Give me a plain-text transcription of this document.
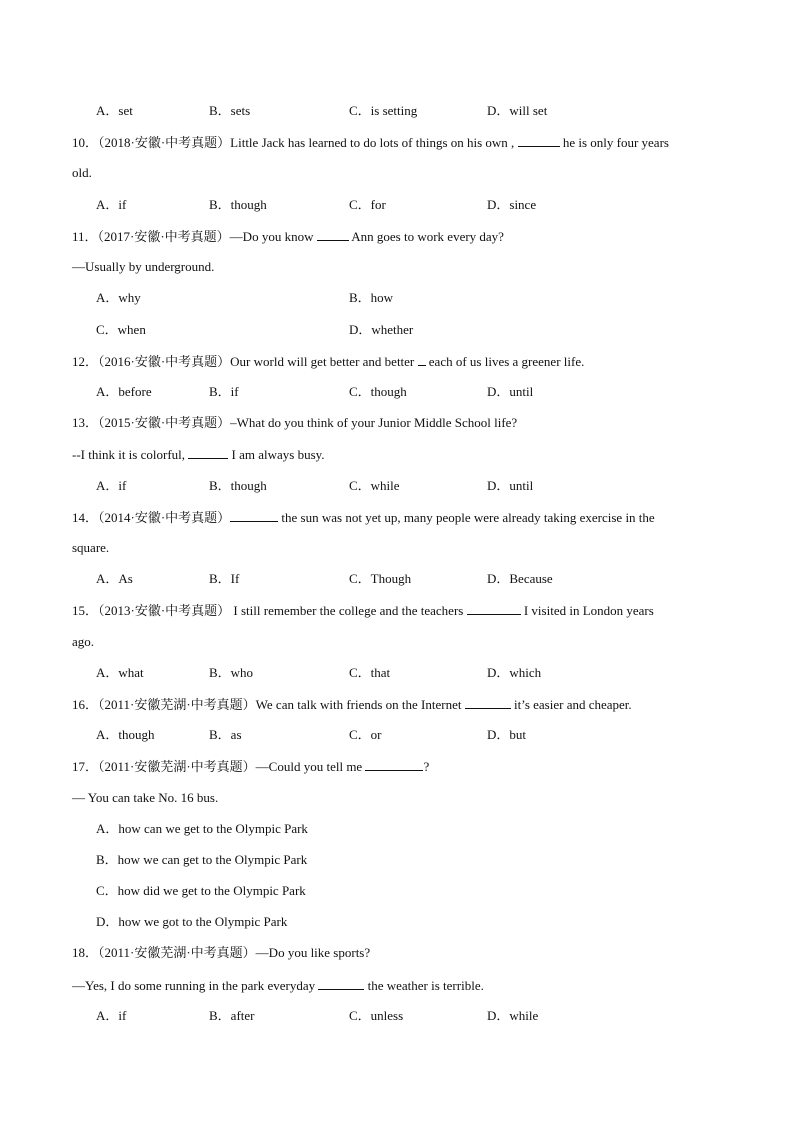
A．set	B．sets	C．is setting	D．will set
10．（2018·安徽·中考真题）Little Jack has learned to do lots of things on his own ,	he is only four years
old.
A．if	B．though	C．for	D．since
11．（2017·安徽·中考真题）—Do you know	Ann goes to work every day?
—Usually by underground.
A．why	B．how
C．when	D．whether
12．（2016·安徽·中考真题）Our world will get better and better each of us lives a greener life.
A．before	B．if	C．though	D．until
13．（2015·安徽·中考真题）–What do you think of your Junior Middle School life?
--I think it is colorful,	I am always busy.
A．if	B．though	C．while	D．until
14．（2014·安徽·中考真题）	the sun was not yet up, many people were already taking exercise in the
square.
A．As	B．If	C．Though	D．Because
15．（2013·安徽·中考真题） I still remember the college and the teachers	I visited in London years
ago.
A．what	B．who	C．that	D．which
16．（2011·安徽芜湖·中考真题）We can talk with friends on the Internet	it’s easier and cheaper.
A．though	B．as	C．or	D．but
17．（2011·安徽芜湖·中考真题）—Could you tell me	?
— You can take No. 16 bus.
A．how can we get to the Olympic Park
B．how we can get to the Olympic Park
C．how did we get to the Olympic Park
D．how we got to the Olympic Park
18．（2011·安徽芜湖·中考真题）—Do you like sports?
—Yes, I do some running in the park everyday	the weather is terrible.
A．if	B．after	C．unless	D．while
